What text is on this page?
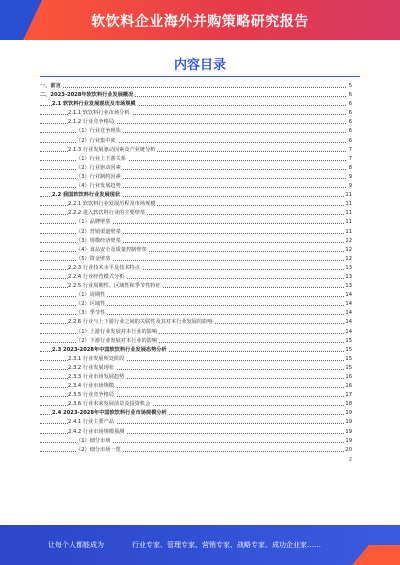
软饮料企业海外并购策略研究报告
内容目录
一、前言	5
二、2023-2028年软饮料行业发展概况	6
2.1 软饮料行业发展现状及市场规模	6
2.1.1 软饮料行业市场分析	6
2.1.2 行业竞争格局	6
（1）行业竞争现状	6
（2）行业集中度	6
2.1.3 行业发展驱动因素及产业链分析	7
（1）行业上下游关系	7
（2）行业驱动因素	8
（3）行业制约因素	9
（4）行业发展趋势	9
2.2 我国软饮料行业发展现状	11
2.2.1 软饮料行业发展历程及市场规模	11
2.2.2 进入软饮料行业的主要壁垒	11
（1）品牌壁垒	11
（2）营销渠道壁垒	11
（3）规模经济壁垒	12
（4）食品安全及质量控制壁垒	12
（5）资金壁垒	12
2.2.3 行业技术水平及技术特点	13
2.2.4 行业经营模式分析	13
2.2.5 行业周期性、区域性和季节性特征	13
（1）周期性	14
（2）区域性	14
（3）季节性	14
2.2.6 行业与上下游行业之间的关联性及其对本行业发展的影响	14
（1）上游行业发展对本行业的影响	14
（2）下游行业发展对本行业的影响	15
2.3 2023-2028年中国软饮料行业发展态势分析	15
2.3.1 行业发展所处阶段	15
2.3.2 行业发展现状	15
2.3.3 行业市场发展趋势	16
2.3.4 行业市场规模	16
2.3.5 行业竞争格局	17
2.3.6 行业未来发展前景及投资机会	18
2.4 2023-2028年中国软饮料行业市场规模分析	19
2.4.1 行业主要产品	19
2.4.2 行业市场规模预测	19
（1）细分市场	19
（2）细分市场一览	20
2
让每个人都能成为	行业专家、管理专家、营销专家、战略专家、成功企业家……
